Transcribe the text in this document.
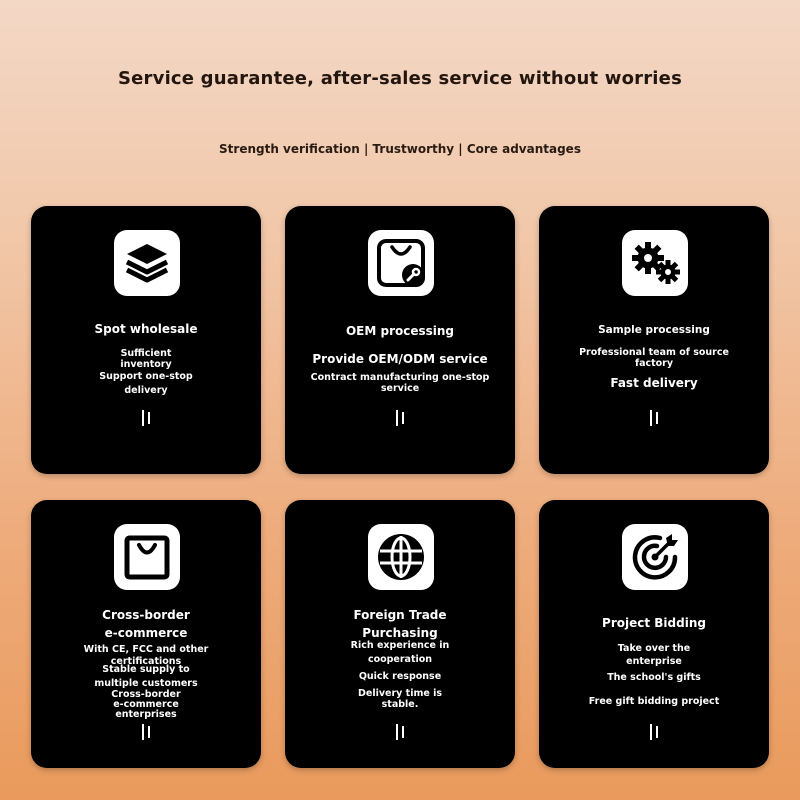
Service guarantee, after-sales service without worries
Strength verification | Trustworthy | Core advantages
Spot wholesale
Sufficient
inventory
Support one-stop
delivery
OEM processing
Provide OEM/ODM service
Contract manufacturing one-stop
service
Sample processing
Professional team of source
factory
Fast delivery
Cross-border
e-commerce
With CE, FCC and other
certifications
Stable supply to
multiple customers
Cross-border
e-commerce
enterprises
Foreign Trade
Purchasing
Rich experience in
cooperation
Quick response
Delivery time is
stable.
Project Bidding
Take over the
enterprise
The school's gifts
Free gift bidding project
